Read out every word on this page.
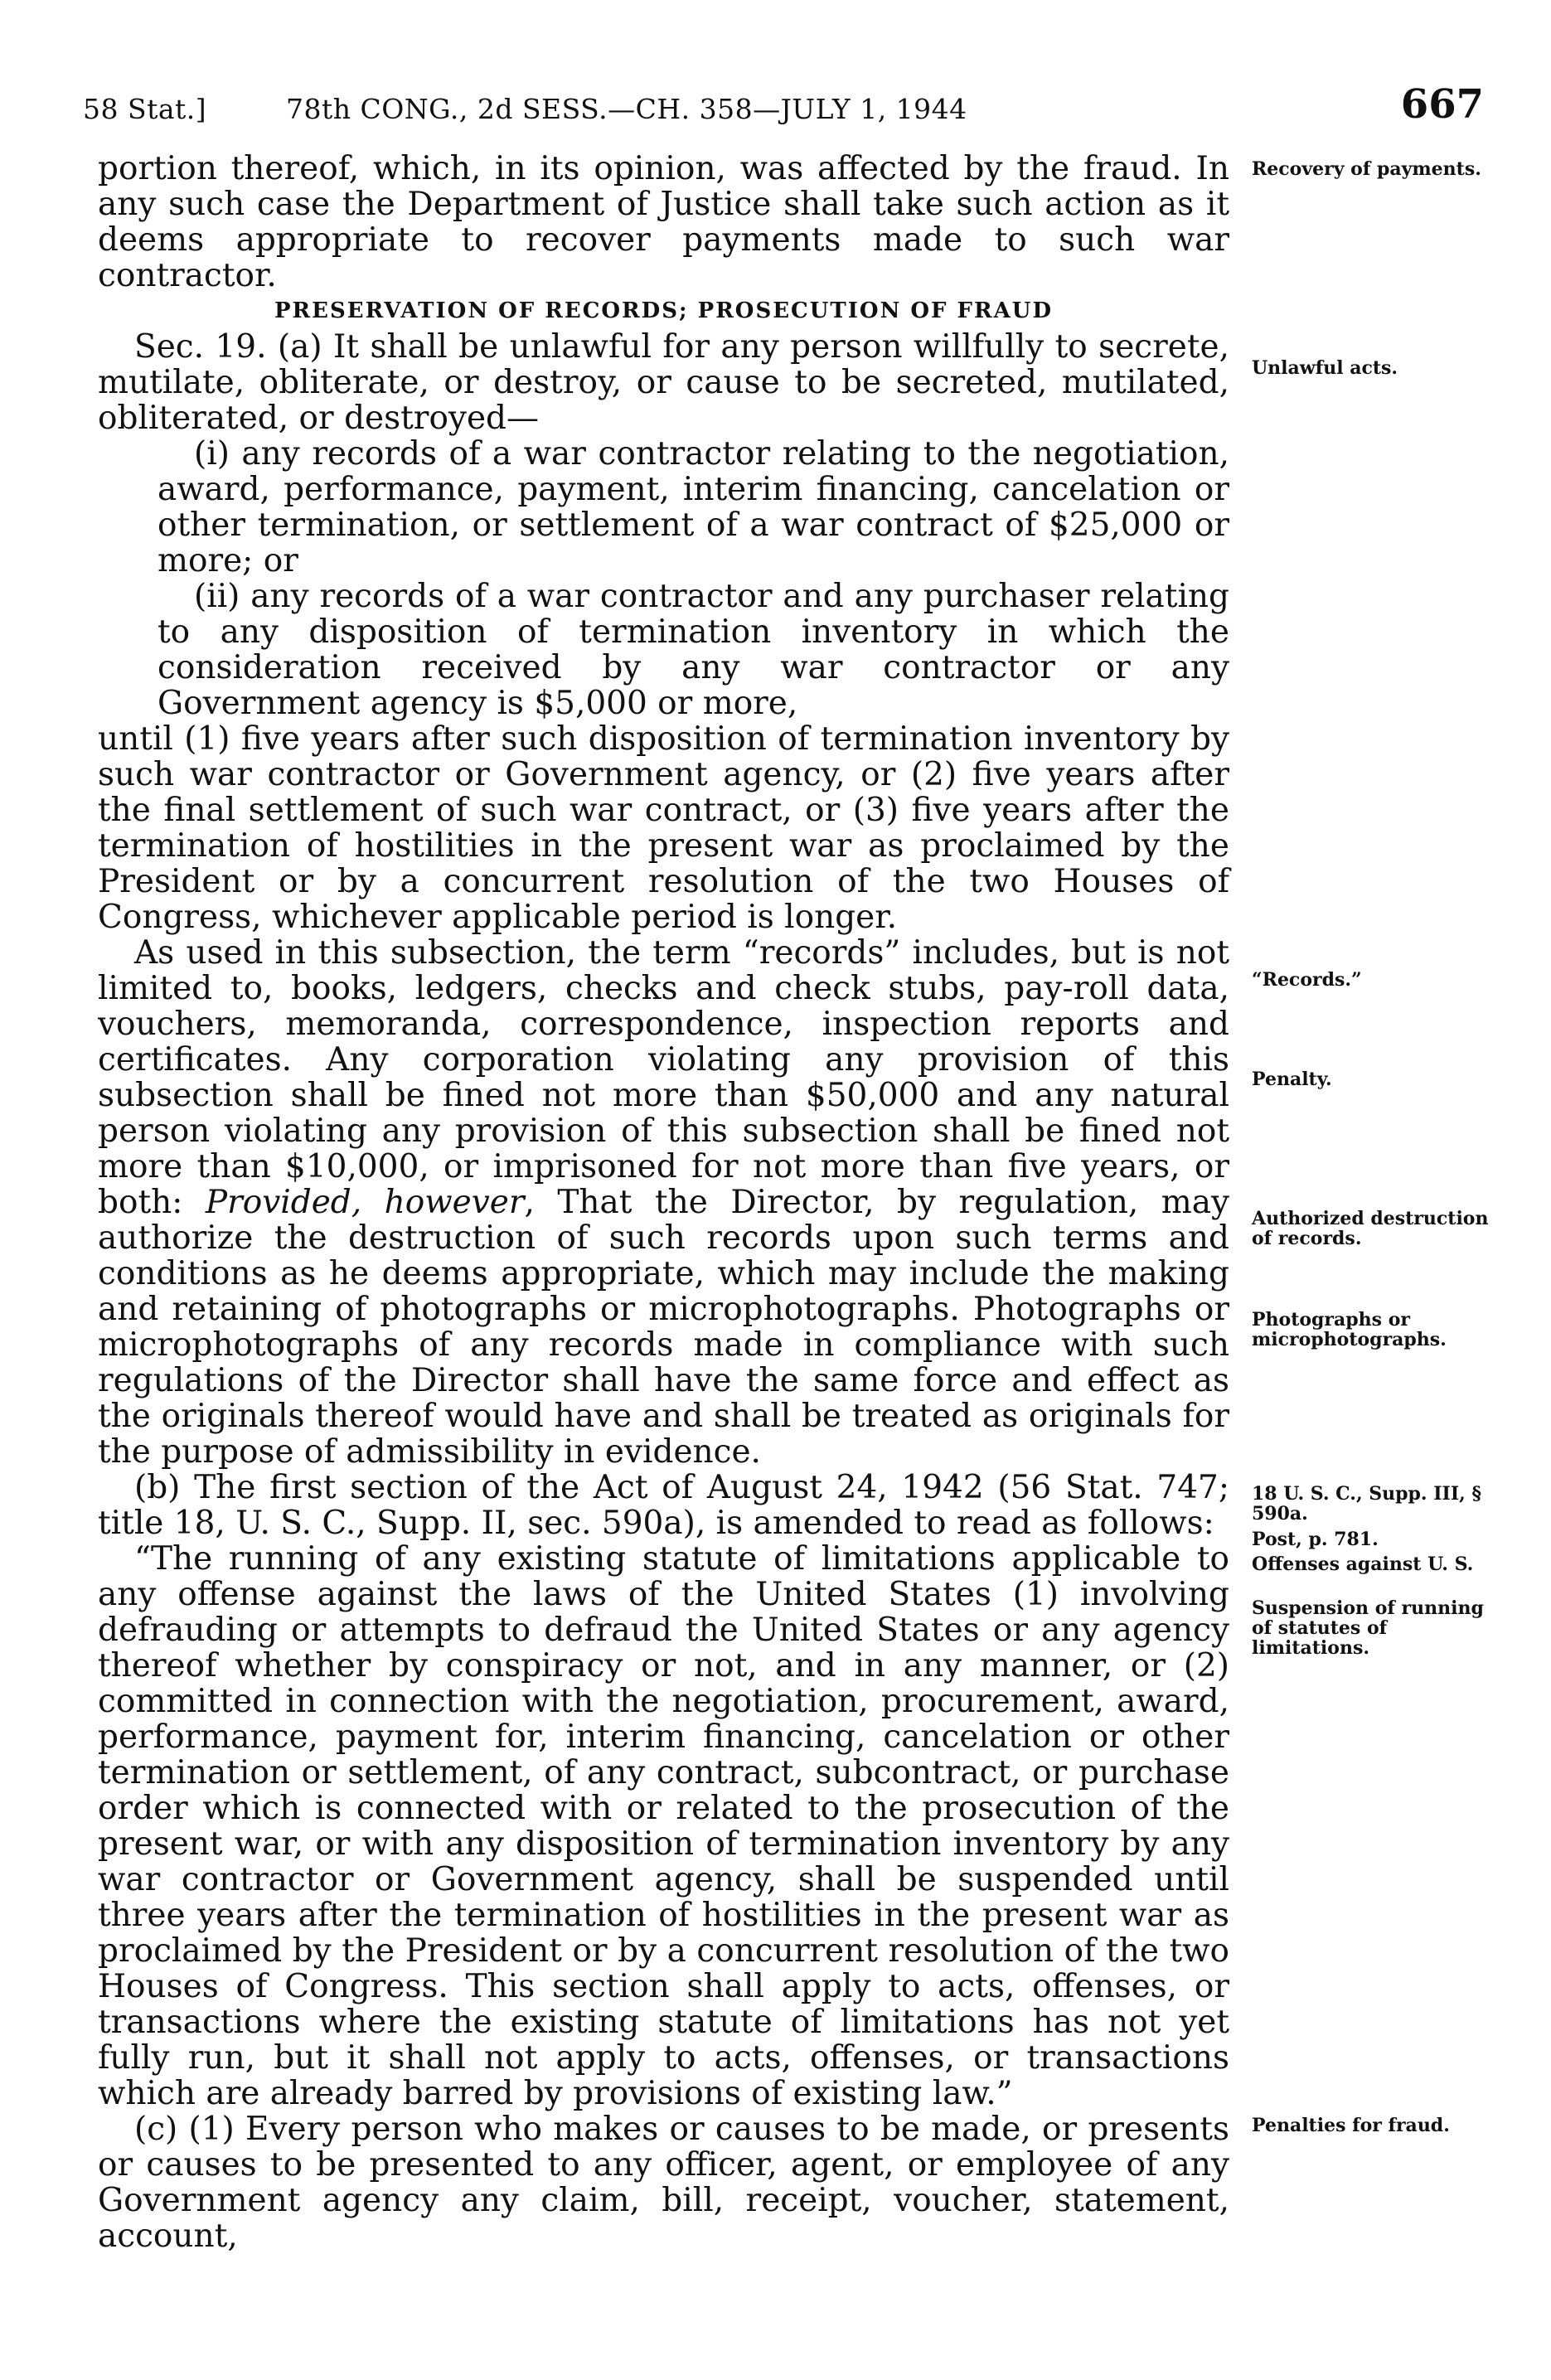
58 Stat.]	78th CONG., 2d SESS.—CH. 358—JULY 1, 1944	667

portion thereof, which, in its opinion, was affected by the fraud. In any such case the Department of Justice shall take such action as it deems appropriate to recover payments made to such war contractor.

PRESERVATION OF RECORDS; PROSECUTION OF FRAUD

Sec. 19. (a) It shall be unlawful for any person willfully to secrete, mutilate, obliterate, or destroy, or cause to be secreted, mutilated, obliterated, or destroyed—

(i) any records of a war contractor relating to the negotiation, award, performance, payment, interim financing, cancelation or other termination, or settlement of a war contract of $25,000 or more; or

(ii) any records of a war contractor and any purchaser relating to any disposition of termination inventory in which the consideration received by any war contractor or any Government agency is $5,000 or more,

until (1) five years after such disposition of termination inventory by such war contractor or Government agency, or (2) five years after the final settlement of such war contract, or (3) five years after the termination of hostilities in the present war as proclaimed by the President or by a concurrent resolution of the two Houses of Congress, whichever applicable period is longer.

As used in this subsection, the term “records” includes, but is not limited to, books, ledgers, checks and check stubs, pay-roll data, vouchers, memoranda, correspondence, inspection reports and certificates. Any corporation violating any provision of this subsection shall be fined not more than $50,000 and any natural person violating any provision of this subsection shall be fined not more than $10,000, or imprisoned for not more than five years, or both: Provided, however, That the Director, by regulation, may authorize the destruction of such records upon such terms and conditions as he deems appropriate, which may include the making and retaining of photographs or microphotographs. Photographs or microphotographs of any records made in compliance with such regulations of the Director shall have the same force and effect as the originals thereof would have and shall be treated as originals for the purpose of admissibility in evidence.

(b) The first section of the Act of August 24, 1942 (56 Stat. 747; title 18, U. S. C., Supp. II, sec. 590a), is amended to read as follows:

“The running of any existing statute of limitations applicable to any offense against the laws of the United States (1) involving defrauding or attempts to defraud the United States or any agency thereof whether by conspiracy or not, and in any manner, or (2) committed in connection with the negotiation, procurement, award, performance, payment for, interim financing, cancelation or other termination or settlement, of any contract, subcontract, or purchase order which is connected with or related to the prosecution of the present war, or with any disposition of termination inventory by any war contractor or Government agency, shall be suspended until three years after the termination of hostilities in the present war as proclaimed by the President or by a concurrent resolution of the two Houses of Congress. This section shall apply to acts, offenses, or transactions where the existing statute of limitations has not yet fully run, but it shall not apply to acts, offenses, or transactions which are already barred by provisions of existing law.”

(c) (1) Every person who makes or causes to be made, or presents or causes to be presented to any officer, agent, or employee of any Government agency any claim, bill, receipt, voucher, statement, account,

Recovery of payments.
Unlawful acts.
“Records.”
Penalty.
Authorized destruction of records.
Photographs or microphotographs.
18 U. S. C., Supp. III, § 590a.
Post, p. 781.
Offenses against U. S.
Suspension of running of statutes of limitations.
Penalties for fraud.
